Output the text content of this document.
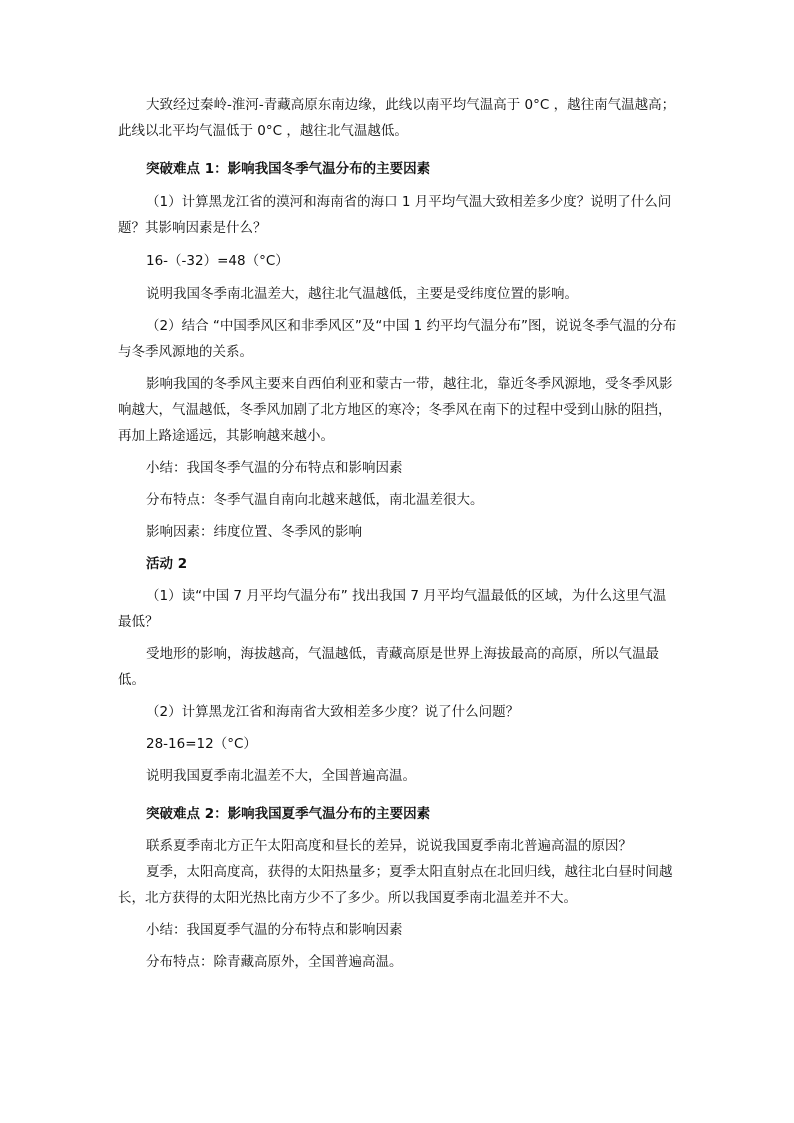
大致经过秦岭-淮河-青藏高原东南边缘，此线以南平均气温高于 0°C ，越往南气温越高；此线以北平均气温低于 0°C ，越往北气温越低。

突破难点 1：影响我国冬季气温分布的主要因素

（1）计算黑龙江省的漠河和海南省的海口 1 月平均气温大致相差多少度？说明了什么问题？其影响因素是什么？

16-（-32）=48（°C）

说明我国冬季南北温差大，越往北气温越低，主要是受纬度位置的影响。

（2）结合 “中国季风区和非季风区”及“中国 1 约平均气温分布”图，说说冬季气温的分布与冬季风源地的关系。

影响我国的冬季风主要来自西伯利亚和蒙古一带，越往北，靠近冬季风源地，受冬季风影响越大，气温越低，冬季风加剧了北方地区的寒冷；冬季风在南下的过程中受到山脉的阻挡，再加上路途遥远，其影响越来越小。

小结：我国冬季气温的分布特点和影响因素

分布特点：冬季气温自南向北越来越低，南北温差很大。

影响因素：纬度位置、冬季风的影响

活动 2

（1）读“中国 7 月平均气温分布” 找出我国 7 月平均气温最低的区域，为什么这里气温最低？

受地形的影响，海拔越高，气温越低，青藏高原是世界上海拔最高的高原，所以气温最低。

（2）计算黑龙江省和海南省大致相差多少度？说了什么问题？

28-16=12（°C）

说明我国夏季南北温差不大，全国普遍高温。

突破难点 2：影响我国夏季气温分布的主要因素

联系夏季南北方正午太阳高度和昼长的差异，说说我国夏季南北普遍高温的原因？

夏季，太阳高度高，获得的太阳热量多；夏季太阳直射点在北回归线，越往北白昼时间越长，北方获得的太阳光热比南方少不了多少。所以我国夏季南北温差并不大。

小结：我国夏季气温的分布特点和影响因素

分布特点：除青藏高原外，全国普遍高温。
